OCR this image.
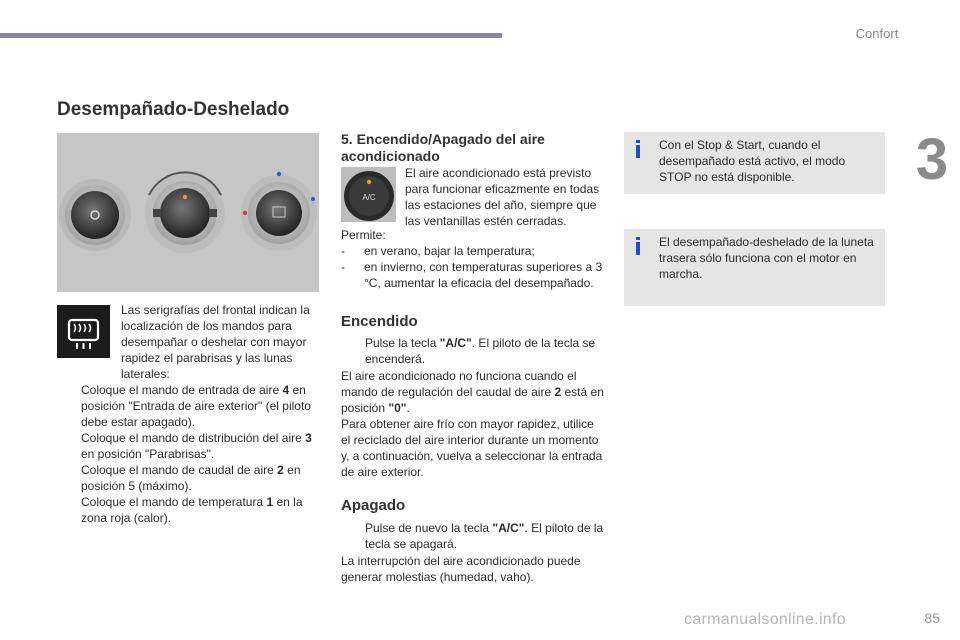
Confort
3
Desempañado-Deshelado

Las serigrafías del frontal indican la localización de los mandos para desempañar o deshelar con mayor rapidez el parabrisas y las lunas laterales:

Coloque el mando de entrada de aire 4 en posición "Entrada de aire exterior" (el piloto debe estar apagado).
Coloque el mando de distribución del aire 3 en posición "Parabrisas".
Coloque el mando de caudal de aire 2 en posición 5 (máximo).
Coloque el mando de temperatura 1 en la zona roja (calor).
5. Encendido/Apagado del aire acondicionado
A/C

El aire acondicionado está previsto para funcionar eficazmente en todas las estaciones del año, siempre que las ventanillas estén cerradas.

Permite:

- en verano, bajar la temperatura;
- en invierno, con temperaturas superiores a 3 °C, aumentar la eficacia del desempañado.
Encendido
Pulse la tecla "A/C". El piloto de la tecla se encenderá.

El aire acondicionado no funciona cuando el mando de regulación del caudal de aire 2 está en posición "0".

Para obtener aire frío con mayor rapidez, utilice el reciclado del aire interior durante un momento y, a continuación, vuelva a seleccionar la entrada de aire exterior.

Apagado
Pulse de nuevo la tecla "A/C". El piloto de la tecla se apagará.

La interrupción del aire acondicionado puede generar molestias (humedad, vaho).

Con el Stop & Start, cuando el desempañado está activo, el modo STOP no está disponible.

El desempañado-deshelado de la luneta trasera sólo funciona con el motor en marcha.

carmanualsonline.info	85
